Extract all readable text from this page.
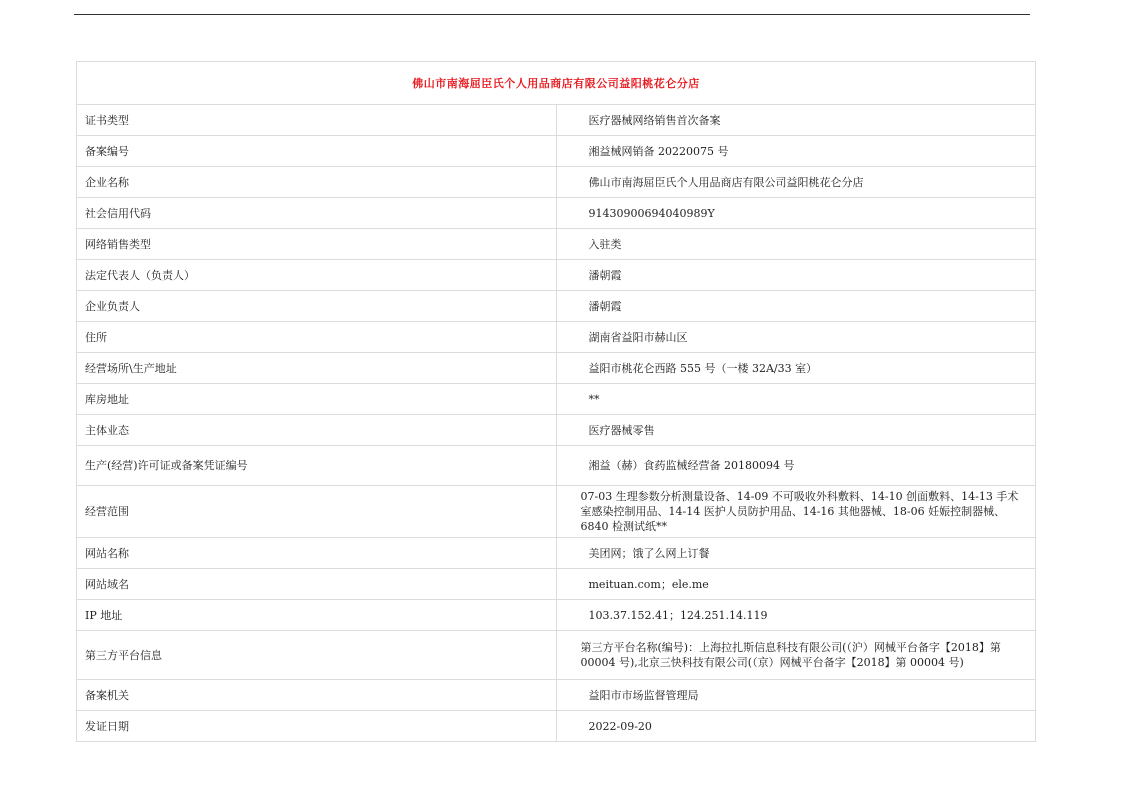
佛山市南海屈臣氏个人用品商店有限公司益阳桃花仑分店	
证书类型	医疗器械网络销售首次备案
备案编号	湘益械网销备 20220075 号
企业名称	佛山市南海屈臣氏个人用品商店有限公司益阳桃花仑分店
社会信用代码	91430900694040989Y
网络销售类型	入驻类
法定代表人（负责人）	潘朝霞
企业负责人	潘朝霞
住所	湖南省益阳市赫山区
经营场所\生产地址	益阳市桃花仑西路 555 号（一楼 32A/33 室）
库房地址	**
主体业态	医疗器械零售
生产(经营)许可证或备案凭证编号	湘益（赫）食药监械经营备 20180094 号
经营范围	07-03 生理参数分析测量设备、14-09 不可吸收外科敷料、14-10 创面敷料、14-13 手术室感染控制用品、14-14 医护人员防护用品、14-16 其他器械、18-06 妊娠控制器械、6840 检测试纸**
网站名称	美团网；饿了么网上订餐
网站域名	meituan.com；ele.me
IP 地址	103.37.152.41；124.251.14.119
第三方平台信息	第三方平台名称(编号)：上海拉扎斯信息科技有限公司(（沪）网械平台备字【2018】第 00004 号),北京三快科技有限公司(（京）网械平台备字【2018】第 00004 号)
备案机关	益阳市市场监督管理局
发证日期	2022-09-20
